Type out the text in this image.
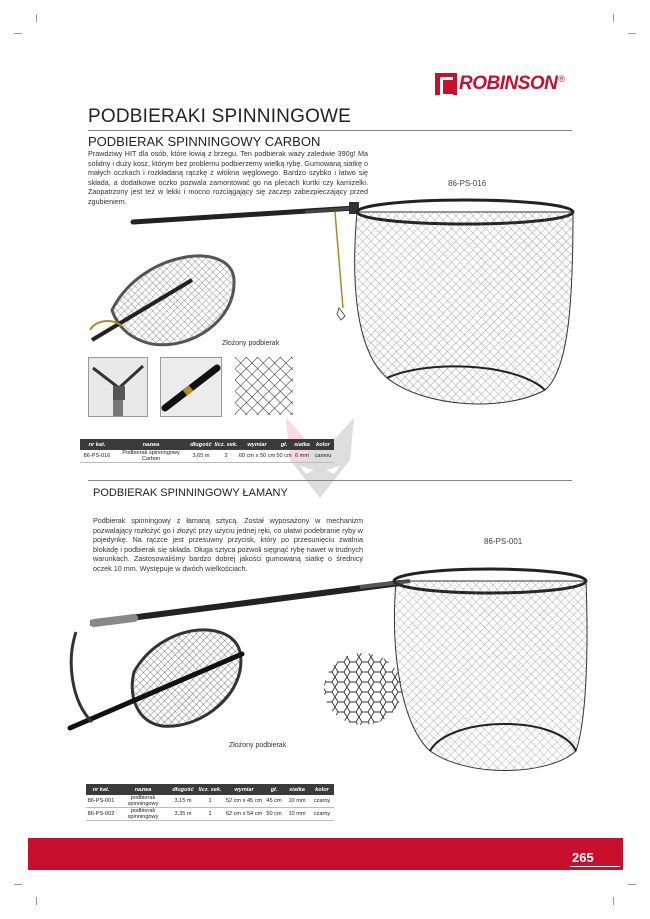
ROBINSON ®
PODBIERAKI SPINNINGOWE
PODBIERAK SPINNINGOWY CARBON
Prawdziwy HIT dla osób, które łowią z brzegu. Ten podbierak waży zaledwie 390g! Ma solidny i duży kosz, którym bez problemu podbierzemy wielką rybę. Gumowaną siatkę o małych oczkach i rozkładaną rączkę z włókna węglowego. Bardzo szybko i łatwo się składa, a dodatkowe oczko pozwala zamontować go na plecach kurtki czy kamizelki. Zaopatrzony jest też w lekki i mocno rozciągający się zaczep zabezpieczający przed zgubieniem.
86-PS-016
Złożony podbierak
nr kat.	nazwa	długość	licz. sek.	wymiar	gł.	siatka	kolor
86-PS-016	Podbierak spinningowy Carbon	3,65 m	2	60 cm x 50 cm	50 cm	6 mm	camou
PODBIERAK SPINNINGOWY ŁAMANY
Podbierak spinningowy z łamaną sztycą. Został wyposażony w mechanizm pozwalający rozłożyć go i złożyć przy użyciu jednej ręki, co ułatwi podebranie ryby w pojedynkę. Na rączce jest przesuwny przycisk, który po przesunięciu zwalnia blokadę i podbierak się składa. Długa sztyca pozwoli sięgnąć rybę nawet w trudnych warunkach. Zastosowaliśmy bardzo dobrej jakości gumowaną siatkę o średnicy oczek 10 mm. Występuje w dwóch wielkościach.
86-PS-001
Złożony podbierak
nr kat.	nazwa	długość	licz. sek.	wymiar	gł.	siatka	kolor
86-PS-001	podbierak spinningowy	3,15 m	1	52 cm x 45 cm	45 cm	10 mm	czarny
86-PS-002	podbierak spinningowy	3,35 m	1	62 cm x 54 cm	50 cm	10 mm	czarny
265
